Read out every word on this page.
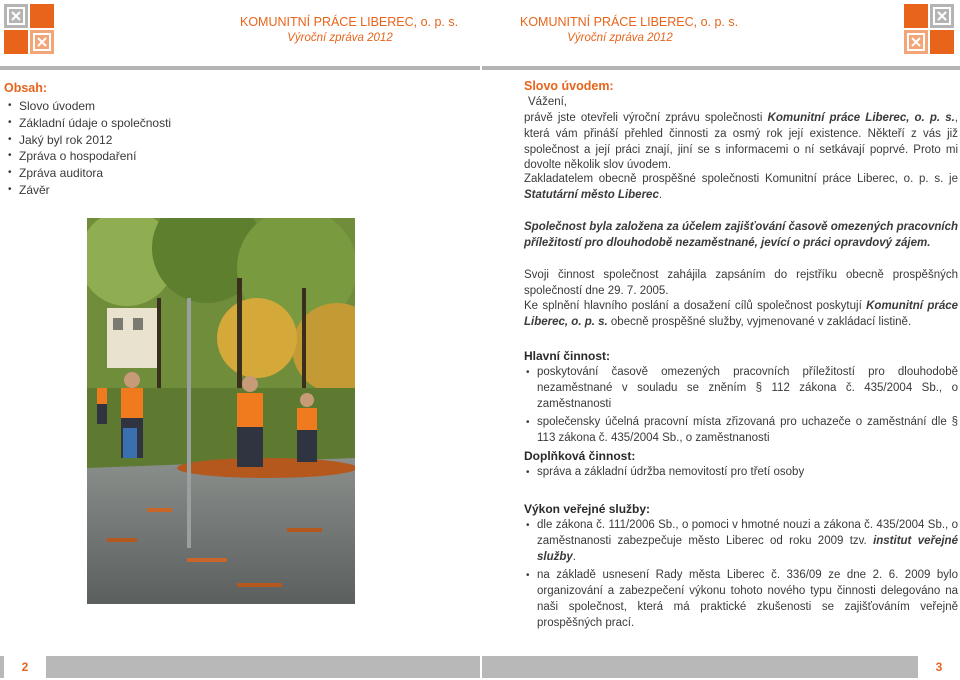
KOMUNITNÍ PRÁCE LIBEREC, o. p. s.
Výroční zpráva 2012
KOMUNITNÍ PRÁCE LIBEREC, o. p. s.
Výroční zpráva 2012
Obsah:
• Slovo úvodem
• Základní údaje o společnosti
• Jaký byl rok 2012
• Zpráva o hospodaření
• Zpráva auditora
• Závěr
Slovo úvodem:
Vážení,
právě jste otevřeli výroční zprávu společnosti Komunitní práce Liberec, o. p. s., která vám přináší přehled činnosti za osmý rok její existence. Někteří z vás již společnost a její práci znají, jiní se s informacemi o ní setkávají poprvé. Proto mi dovolte několik slov úvodem.
Zakladatelem obecně prospěšné společnosti Komunitní práce Liberec, o. p. s. je Statutární město Liberec.
Společnost byla založena za účelem zajišťování časově omezených pracovních příležitostí pro dlouhodobě nezaměstnané, jevící o práci opravdový zájem.
Svoji činnost společnost zahájila zapsáním do rejstříku obecně prospěšných společností dne 29. 7. 2005.
Ke splnění hlavního poslání a dosažení cílů společnost poskytují Komunitní práce Liberec, o. p. s. obecně prospěšné služby, vyjmenované v zakládací listině.
Hlavní činnost:
• poskytování časově omezených pracovních příležitostí pro dlouhodobě nezaměstnané v souladu se zněním § 112 zákona č. 435/2004 Sb., o zaměstnanosti
• společensky účelná pracovní místa zřizovaná pro uchazeče o zaměstnání dle § 113 zákona č. 435/2004 Sb., o zaměstnanosti
Doplňková činnost:
• správa a základní údržba nemovitostí pro třetí osoby
Výkon veřejné služby:
• dle zákona č. 111/2006 Sb., o pomoci v hmotné nouzi a zákona č. 435/2004 Sb., o zaměstnanosti zabezpečuje město Liberec od roku 2009 tzv. institut veřejné služby.
• na základě usnesení Rady města Liberec č. 336/09 ze dne 2. 6. 2009 bylo organizování a zabezpečení výkonu tohoto nového typu činnosti delegováno na naši společnost, která má praktické zkušenosti se zajišťováním veřejně prospěšných prací.
2	3
